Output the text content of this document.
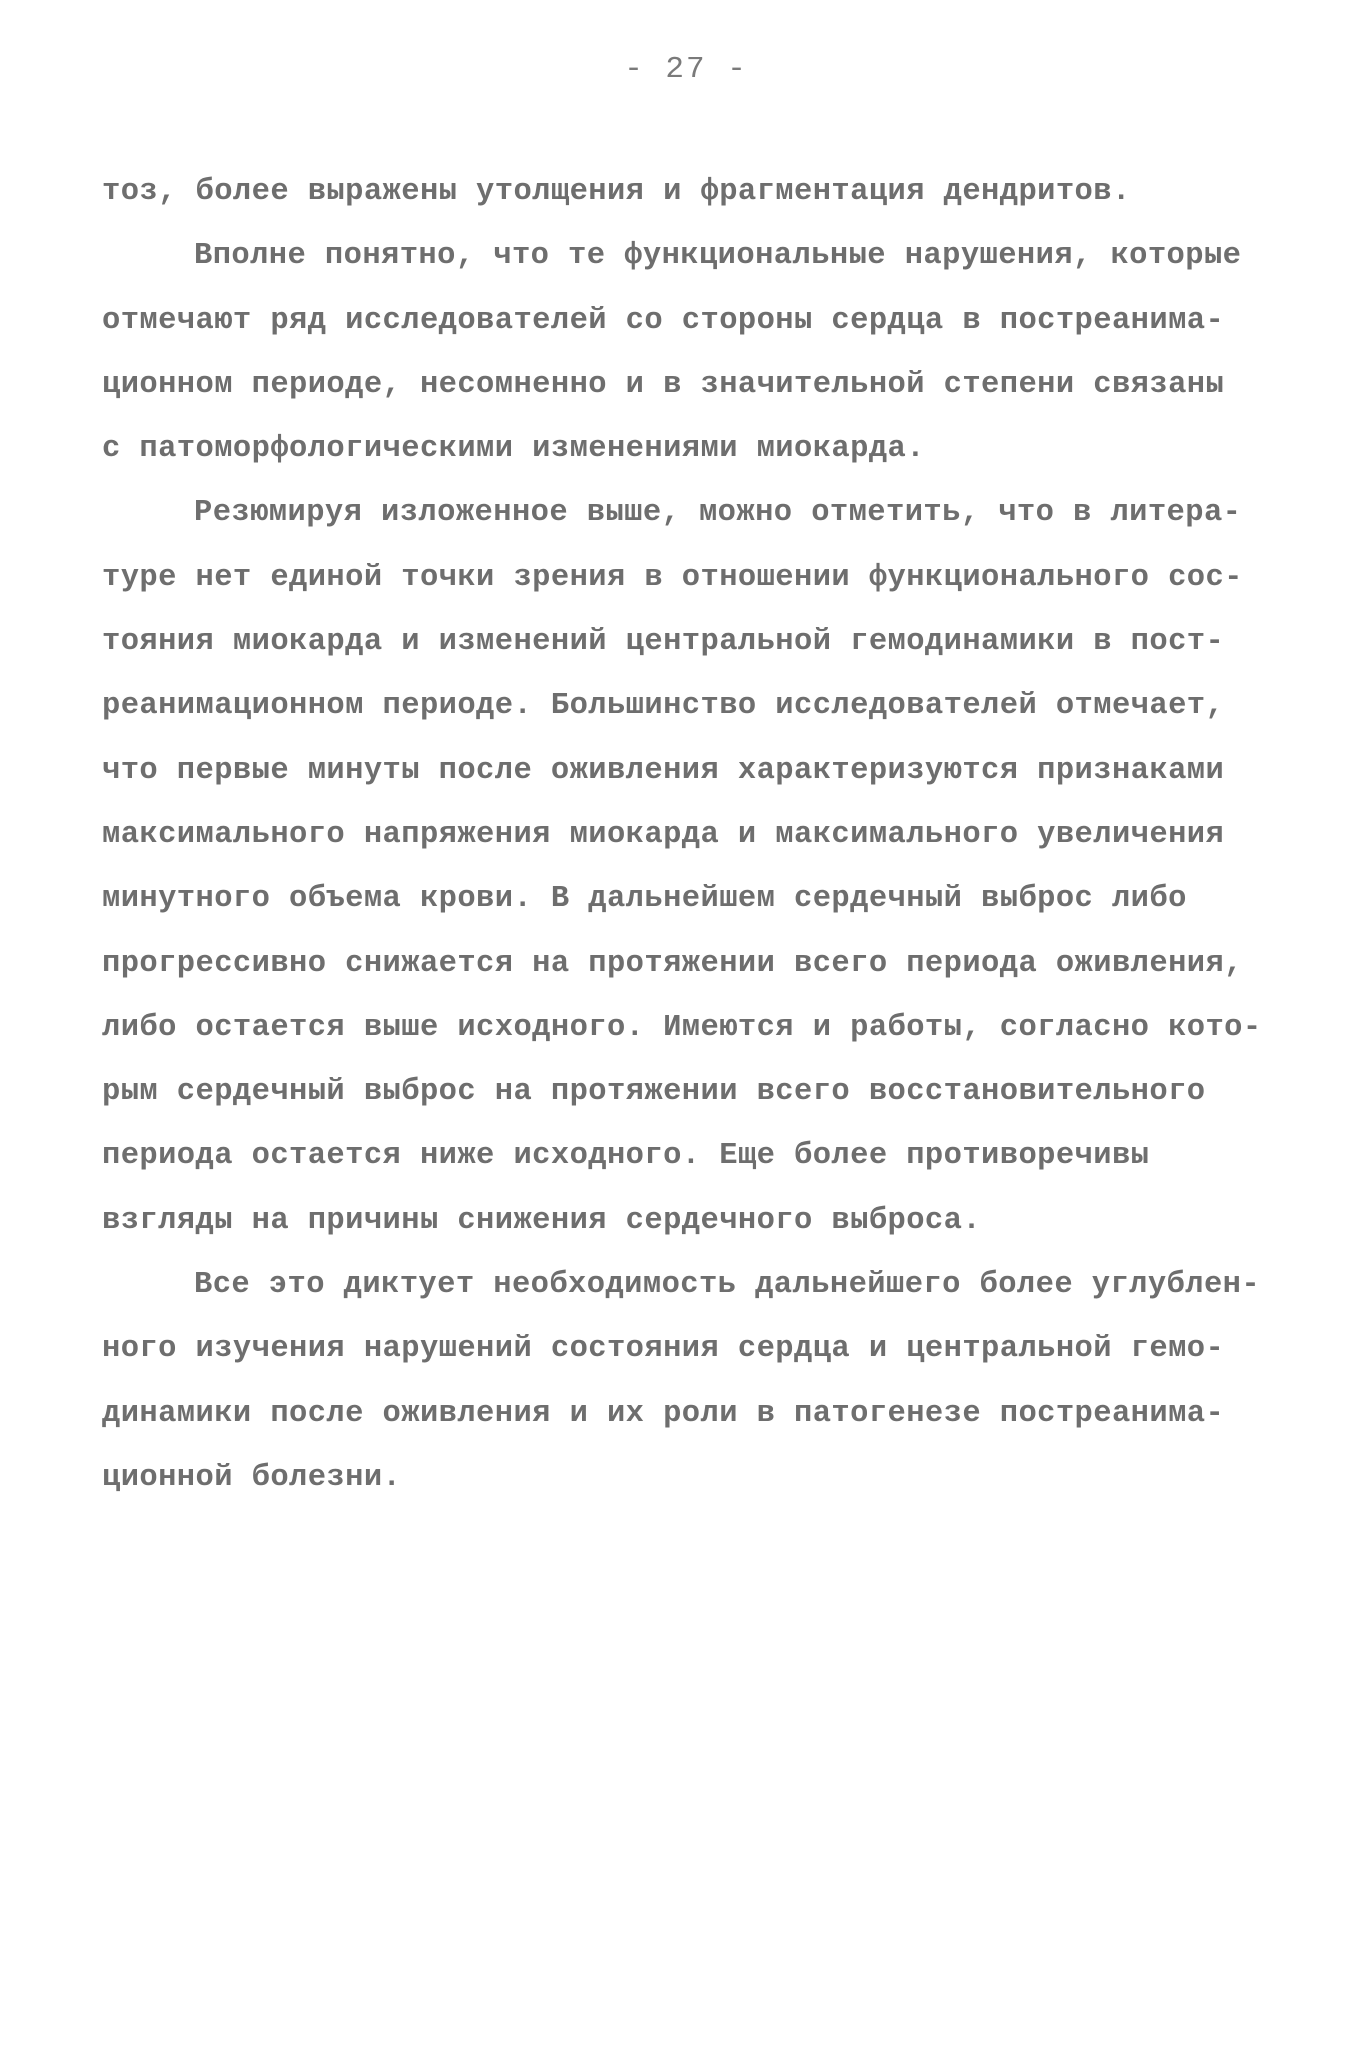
- 27 -
тоз, более выражены утолщения и фрагментация дендритов.
Вполне понятно, что те функциональные нарушения, которые
отмечают ряд исследователей со стороны сердца в постреанима-
ционном периоде, несомненно и в значительной степени связаны
с патоморфологическими изменениями миокарда.
Резюмируя изложенное выше, можно отметить, что в литера-
туре нет единой точки зрения в отношении функционального сос-
тояния миокарда и изменений центральной гемодинамики в пост-
реанимационном периоде. Большинство исследователей отмечает,
что первые минуты после оживления характеризуются признаками
максимального напряжения миокарда и максимального увеличения
минутного объема крови. В дальнейшем сердечный выброс либо
прогрессивно снижается на протяжении всего периода оживления,
либо остается выше исходного. Имеются и работы, согласно кото-
рым сердечный выброс на протяжении всего восстановительного
периода остается ниже исходного. Еще более противоречивы
взгляды на причины снижения сердечного выброса.
Все это диктует необходимость дальнейшего более углублен-
ного изучения нарушений состояния сердца и центральной гемо-
динамики после оживления и их роли в патогенезе постреанима-
ционной болезни.
